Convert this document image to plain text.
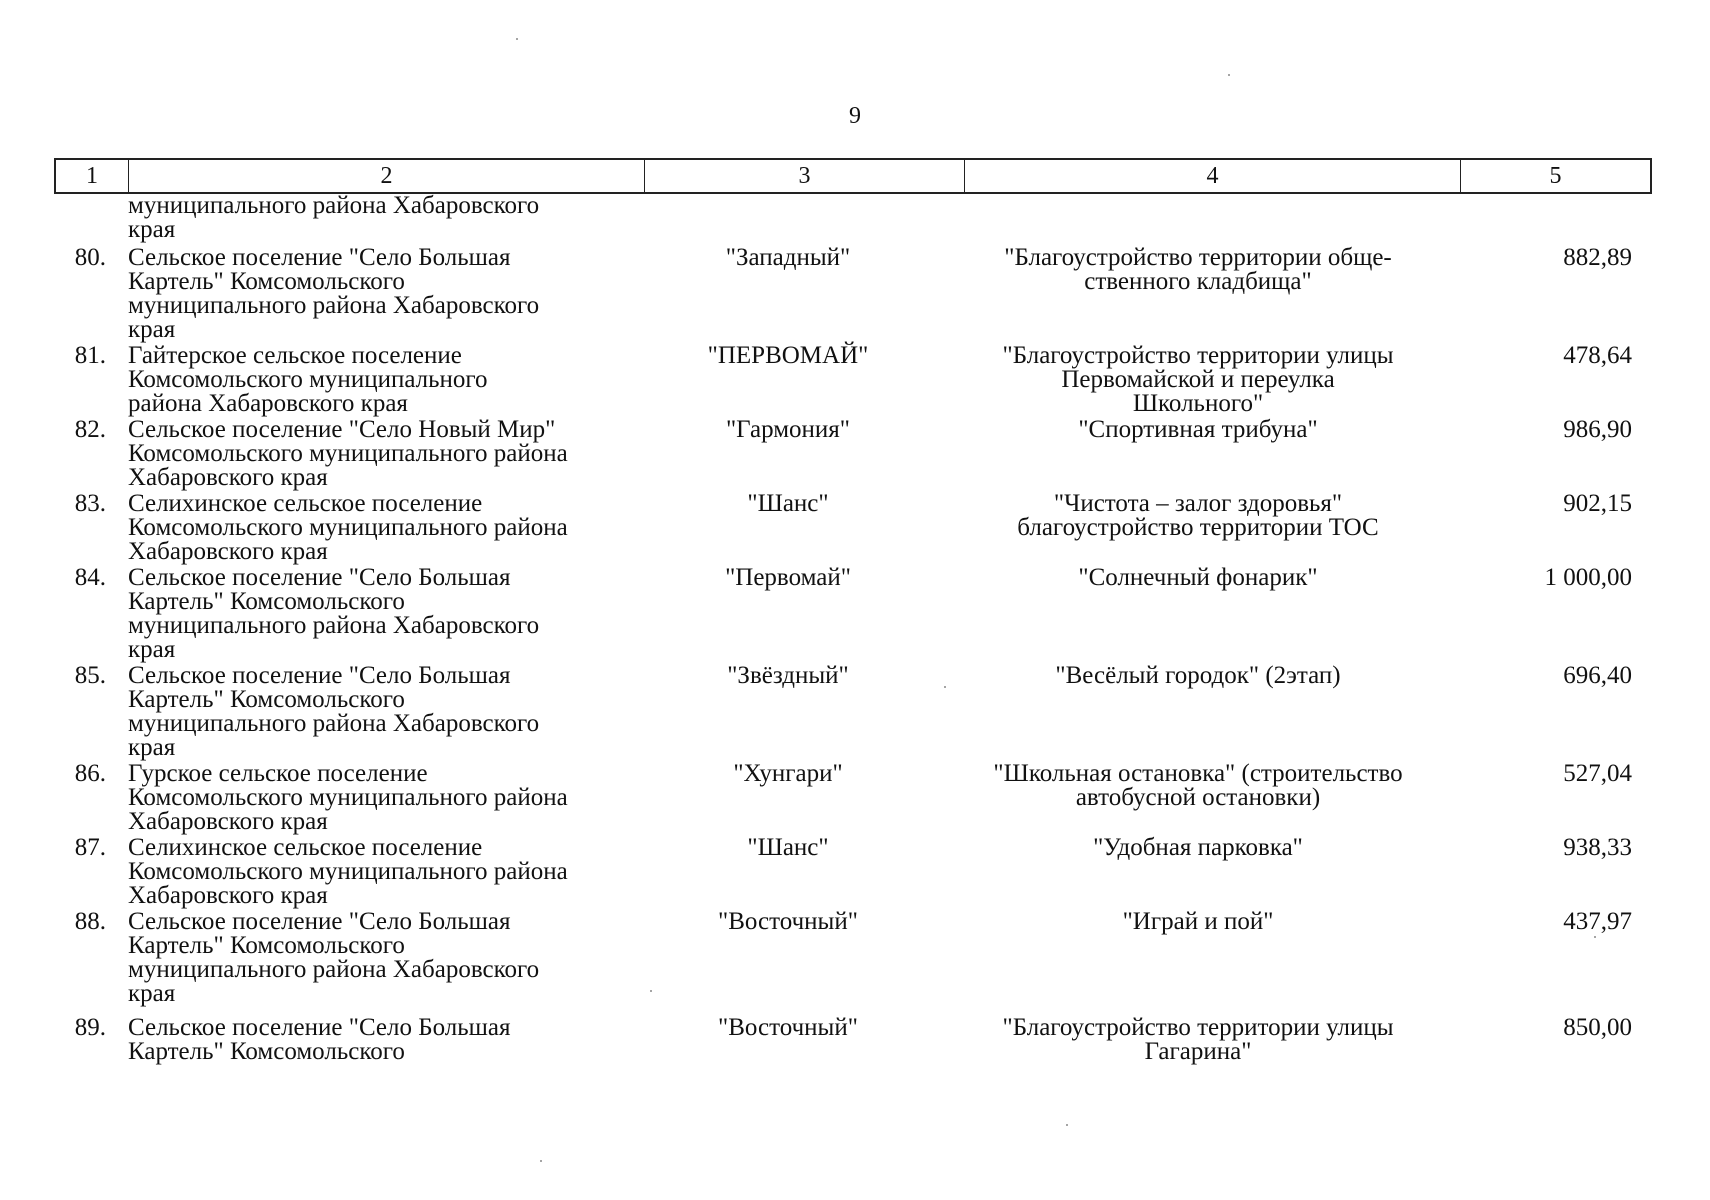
9
1	2	3	4	5
муниципального района Хабаровского
края
80. Сельское поселение "Село Большая
Картель" Комсомольского
муниципального района Хабаровского
края
"Западный"	"Благоустройство территории обще-
ственного кладбища"
882,89
81. Гайтерское сельское поселение
Комсомольского муниципального
района Хабаровского края
"ПЕРВОМАЙ"	"Благоустройство территории улицы
Первомайской и переулка
Школьного"
478,64
82. Сельское поселение "Село Новый Мир"
Комсомольского муниципального района
Хабаровского края
"Гармония"	"Спортивная трибуна"	986,90
83. Селихинское сельское поселение
Комсомольского муниципального района
Хабаровского края
"Шанс"	"Чистота – залог здоровья"
благоустройство территории ТОС
902,15
84. Сельское поселение "Село Большая
Картель" Комсомольского
муниципального района Хабаровского
края
"Первомай"	"Солнечный фонарик"	1 000,00
85. Сельское поселение "Село Большая
Картель" Комсомольского
муниципального района Хабаровского
края
"Звёздный"	"Весёлый городок" (2этап)	696,40
86. Гурское сельское поселение
Комсомольского муниципального района
Хабаровского края
"Хунгари"	"Школьная остановка" (строительство
автобусной остановки)
527,04
87. Селихинское сельское поселение
Комсомольского муниципального района
Хабаровского края
"Шанс"	"Удобная парковка"	938,33
88. Сельское поселение "Село Большая
Картель" Комсомольского
муниципального района Хабаровского
края
"Восточный"	"Играй и пой"	437,97
89. Сельское поселение "Село Большая
Картель" Комсомольского
"Восточный"	"Благоустройство территории улицы
Гагарина"
850,00
